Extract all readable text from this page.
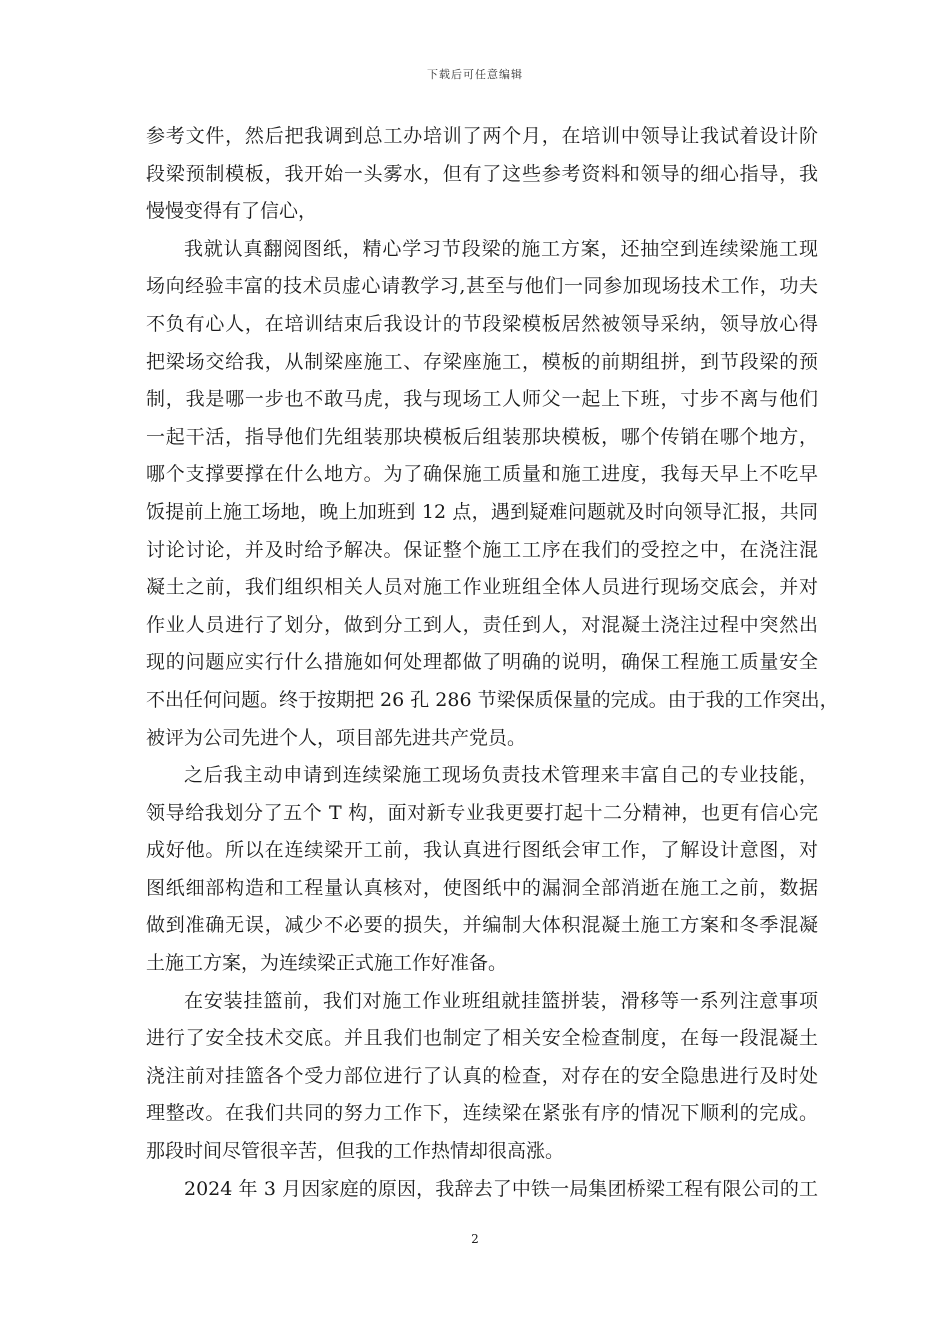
下载后可任意编辑
参考文件，然后把我调到总工办培训了两个月，在培训中领导让我试着设计阶
段梁预制模板，我开始一头雾水，但有了这些参考资料和领导的细心指导，我
慢慢变得有了信心，
我就认真翻阅图纸，精心学习节段梁的施工方案，还抽空到连续梁施工现
场向经验丰富的技术员虚心请教学习,甚至与他们一同参加现场技术工作，功夫
不负有心人，在培训结束后我设计的节段梁模板居然被领导采纳，领导放心得
把梁场交给我，从制梁座施工、存梁座施工，模板的前期组拼，到节段梁的预
制，我是哪一步也不敢马虎，我与现场工人师父一起上下班，寸步不离与他们
一起干活，指导他们先组装那块模板后组装那块模板，哪个传销在哪个地方，
哪个支撑要撑在什么地方。为了确保施工质量和施工进度，我每天早上不吃早
饭提前上施工场地，晚上加班到 12 点，遇到疑难问题就及时向领导汇报，共同
讨论讨论，并及时给予解决。保证整个施工工序在我们的受控之中，在浇注混
凝土之前，我们组织相关人员对施工作业班组全体人员进行现场交底会，并对
作业人员进行了划分，做到分工到人，责任到人，对混凝土浇注过程中突然出
现的问题应实行什么措施如何处理都做了明确的说明，确保工程施工质量安全
不出任何问题。终于按期把 26 孔 286 节梁保质保量的完成。由于我的工作突出，
被评为公司先进个人，项目部先进共产党员。
之后我主动申请到连续梁施工现场负责技术管理来丰富自己的专业技能，
领导给我划分了五个 T 构，面对新专业我更要打起十二分精神，也更有信心完
成好他。所以在连续梁开工前，我认真进行图纸会审工作，了解设计意图，对
图纸细部构造和工程量认真核对，使图纸中的漏洞全部消逝在施工之前，数据
做到准确无误，减少不必要的损失，并编制大体积混凝土施工方案和冬季混凝
土施工方案，为连续梁正式施工作好准备。
在安装挂篮前，我们对施工作业班组就挂篮拼装，滑移等一系列注意事项
进行了安全技术交底。并且我们也制定了相关安全检查制度，在每一段混凝土
浇注前对挂篮各个受力部位进行了认真的检查，对存在的安全隐患进行及时处
理整改。在我们共同的努力工作下，连续梁在紧张有序的情况下顺利的完成。
那段时间尽管很辛苦，但我的工作热情却很高涨。
2024 年 3 月因家庭的原因，我辞去了中铁一局集团桥梁工程有限公司的工
2
